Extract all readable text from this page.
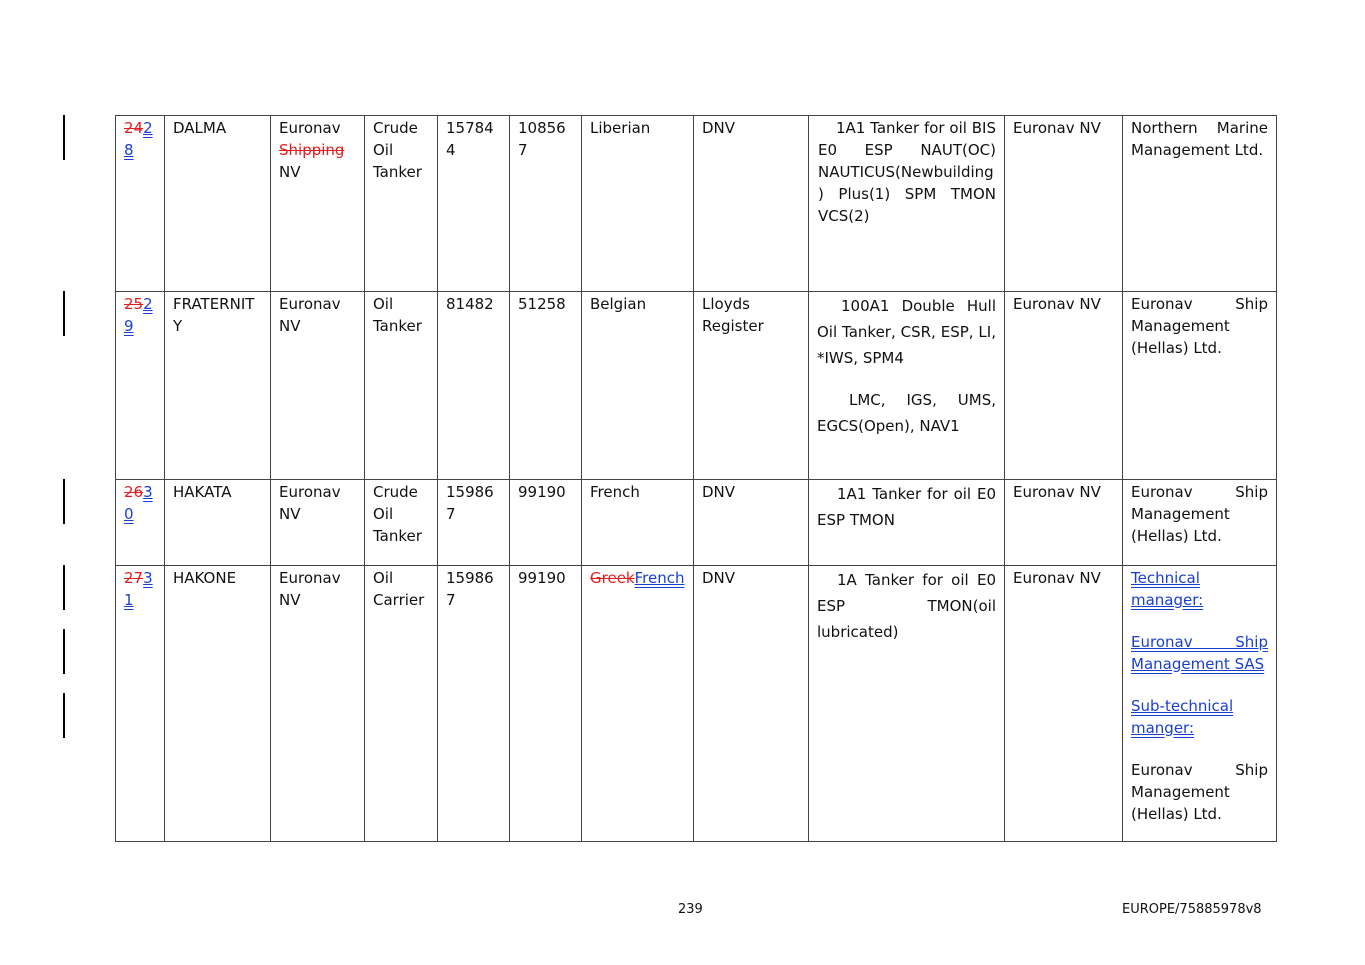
2428	DALMA	Euronav
Shipping
NV	Crude Oil Tanker	157844	108567	Liberian	DNV	1A1 Tanker for oil BIS E0 ESP NAUT(OC) NAUTICUS(Newbuilding) Plus(1) SPM TMON VCS(2)	Euronav NV	Northern Marine Management Ltd.
2529	FRATERNITY	Euronav NV	Oil Tanker	81482	51258	Belgian	Lloyds Register	100A1 Double Hull Oil Tanker, CSR, ESP, LI, *IWS, SPM4

LMC, IGS, UMS, EGCS(Open), NAV1	Euronav NV	Euronav Ship Management (Hellas) Ltd.
2630	HAKATA	Euronav NV	Crude Oil Tanker	159867	99190	French	DNV	1A1 Tanker for oil E0 ESP TMON	Euronav NV	Euronav Ship Management (Hellas) Ltd.
2731	HAKONE	Euronav NV	Oil Carrier	159867	99190	GreekFrench	DNV	1A Tanker for oil E0 ESP TMON(oil lubricated)	Euronav NV	Technical manager:

Euronav Ship Management SAS

Sub-technical manger:

Euronav Ship Management (Hellas) Ltd.

239	EUROPE/75885978v8
